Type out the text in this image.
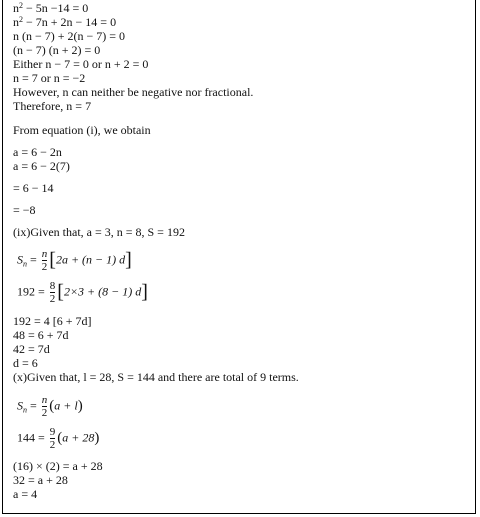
$n^2 - 5n -14 = 0$
$n^2 - 7n + 2n - 14 = 0$
n (n − 7) + 2(n − 7) = 0
(n − 7) (n + 2) = 0
Either n − 7 = 0 or n + 2 = 0
n = 7 or n = −2
However, n can neither be negative nor fractional.
Therefore, n = 7
From equation (i), we obtain
a = 6 − 2n
a = 6 − 2(7)
= 6 − 14
= −8
(ix)Given that, a = 3, n = 8, S = 192
$S_n = \frac{n}{2} [2a + (n - 1)$ d]
$192 = \frac{8}{2} [2\times 3 + (8 - 1)$ d]
192 = 4 [6 + 7d]
48 = 6 + 7d
42 = 7d
d = 6
(x)Given that, l = 28, S = 144 and there are total of 9 terms.
$S_n = \frac{n}{2} (a + l)$
$144 = \frac{9}{2} (a + 28)$
(16) × (2) = a + 28
32 = a + 28
a = 4
